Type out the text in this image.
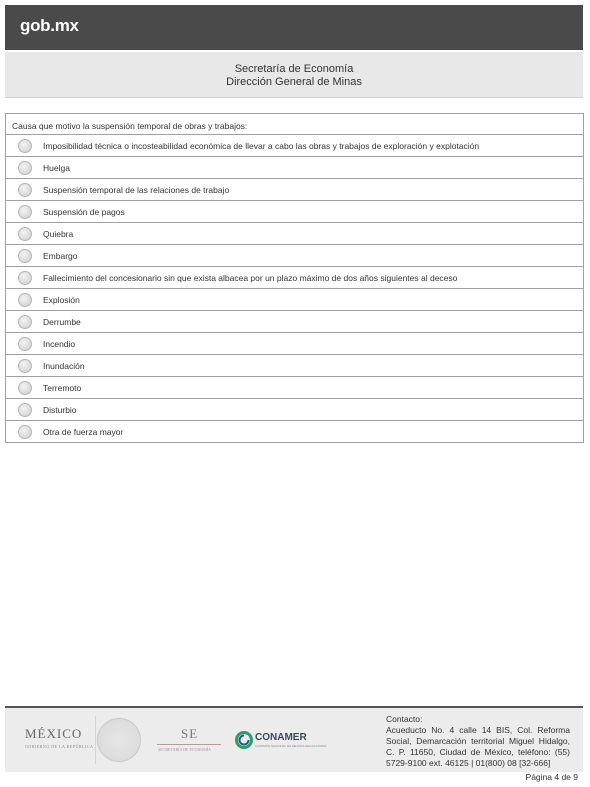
gob.mx
Secretaría de Economía
Dirección General de Minas
Causa que motivo la suspensión temporal de obras y trabajos:
Imposibilidad técnica o incosteabilidad económica de llevar a cabo las obras y trabajos de exploración y explotación
Huelga
Suspensión temporal de las relaciones de trabajo
Suspensión de pagos
Quiebra
Embargo
Fallecimiento del concesionario sin que exista albacea por un plazo máximo de dos años siguientes al deceso
Explosión
Derrumbe
Incendio
Inundación
Terremoto
Disturbio
Otra de fuerza mayor
MÉXICO
GOBIERNO DE LA REPÚBLICA
SE
SECRETARÍA DE ECONOMÍA
CONAMER
COMISIÓN NACIONAL DE MEJORA REGULATORIA
Contacto:
Acueducto No. 4 calle 14 BIS, Col. Reforma Social, Demarcación territorial Miguel Hidalgo, C. P. 11650, Ciudad de México, teléfono: (55) 5729-9100 ext. 46125 | 01(800) 08 [32-666]
Página 4 de 9
